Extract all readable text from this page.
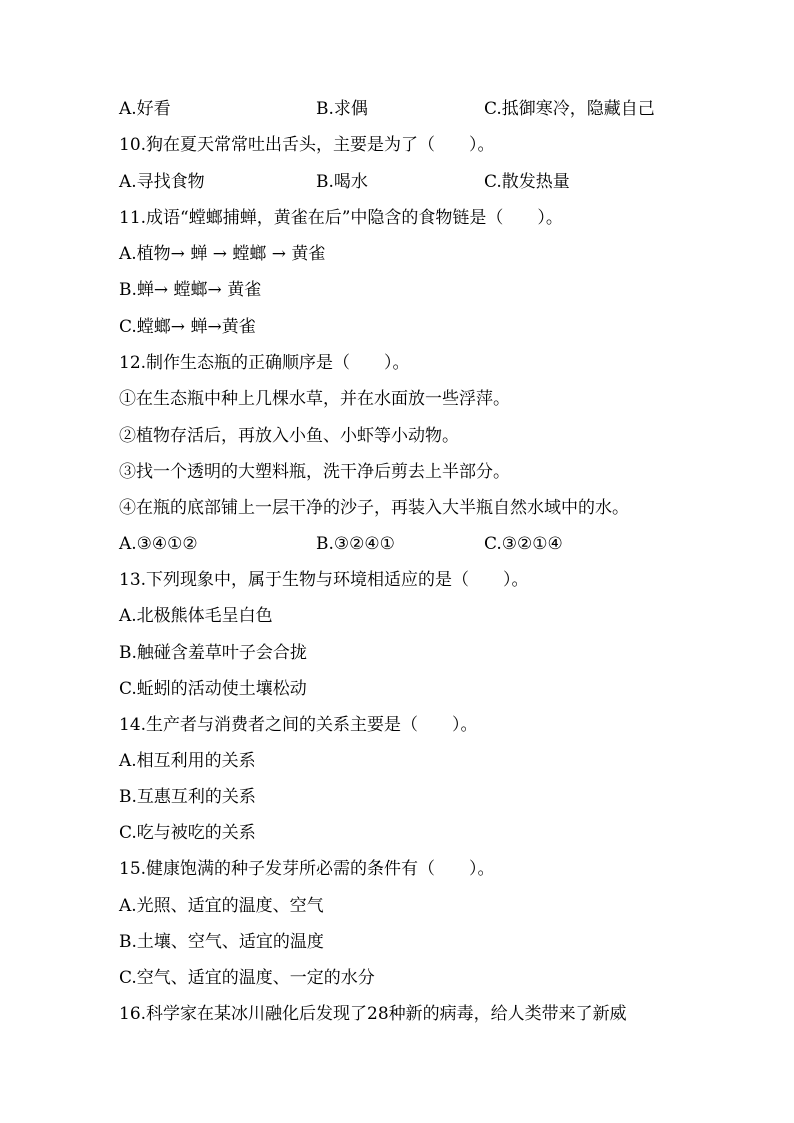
A.好看	B.求偶	C.抵御寒冷，隐藏自己
10.狗在夏天常常吐出舌头，主要是为了（　　）。
A.寻找食物	B.喝水	C.散发热量
11.成语“螳螂捕蝉，黄雀在后”中隐含的食物链是（　　）。
A.植物→ 蝉 → 螳螂 → 黄雀
B.蝉→ 螳螂→ 黄雀
C.螳螂→ 蝉→黄雀
12.制作生态瓶的正确顺序是（　　）。
①在生态瓶中种上几棵水草，并在水面放一些浮萍。
②植物存活后，再放入小鱼、小虾等小动物。
③找一个透明的大塑料瓶，洗干净后剪去上半部分。
④在瓶的底部铺上一层干净的沙子，再装入大半瓶自然水域中的水。
A.③④①②	B.③②④①	C.③②①④
13.下列现象中，属于生物与环境相适应的是（　　）。
A.北极熊体毛呈白色
B.触碰含羞草叶子会合拢
C.蚯蚓的活动使土壤松动
14.生产者与消费者之间的关系主要是（　　）。
A.相互利用的关系
B.互惠互利的关系
C.吃与被吃的关系
15.健康饱满的种子发芽所必需的条件有（　　）。
A.光照、适宜的温度、空气
B.土壤、空气、适宜的温度
C.空气、适宜的温度、一定的水分
16.科学家在某冰川融化后发现了28种新的病毒，给人类带来了新威
